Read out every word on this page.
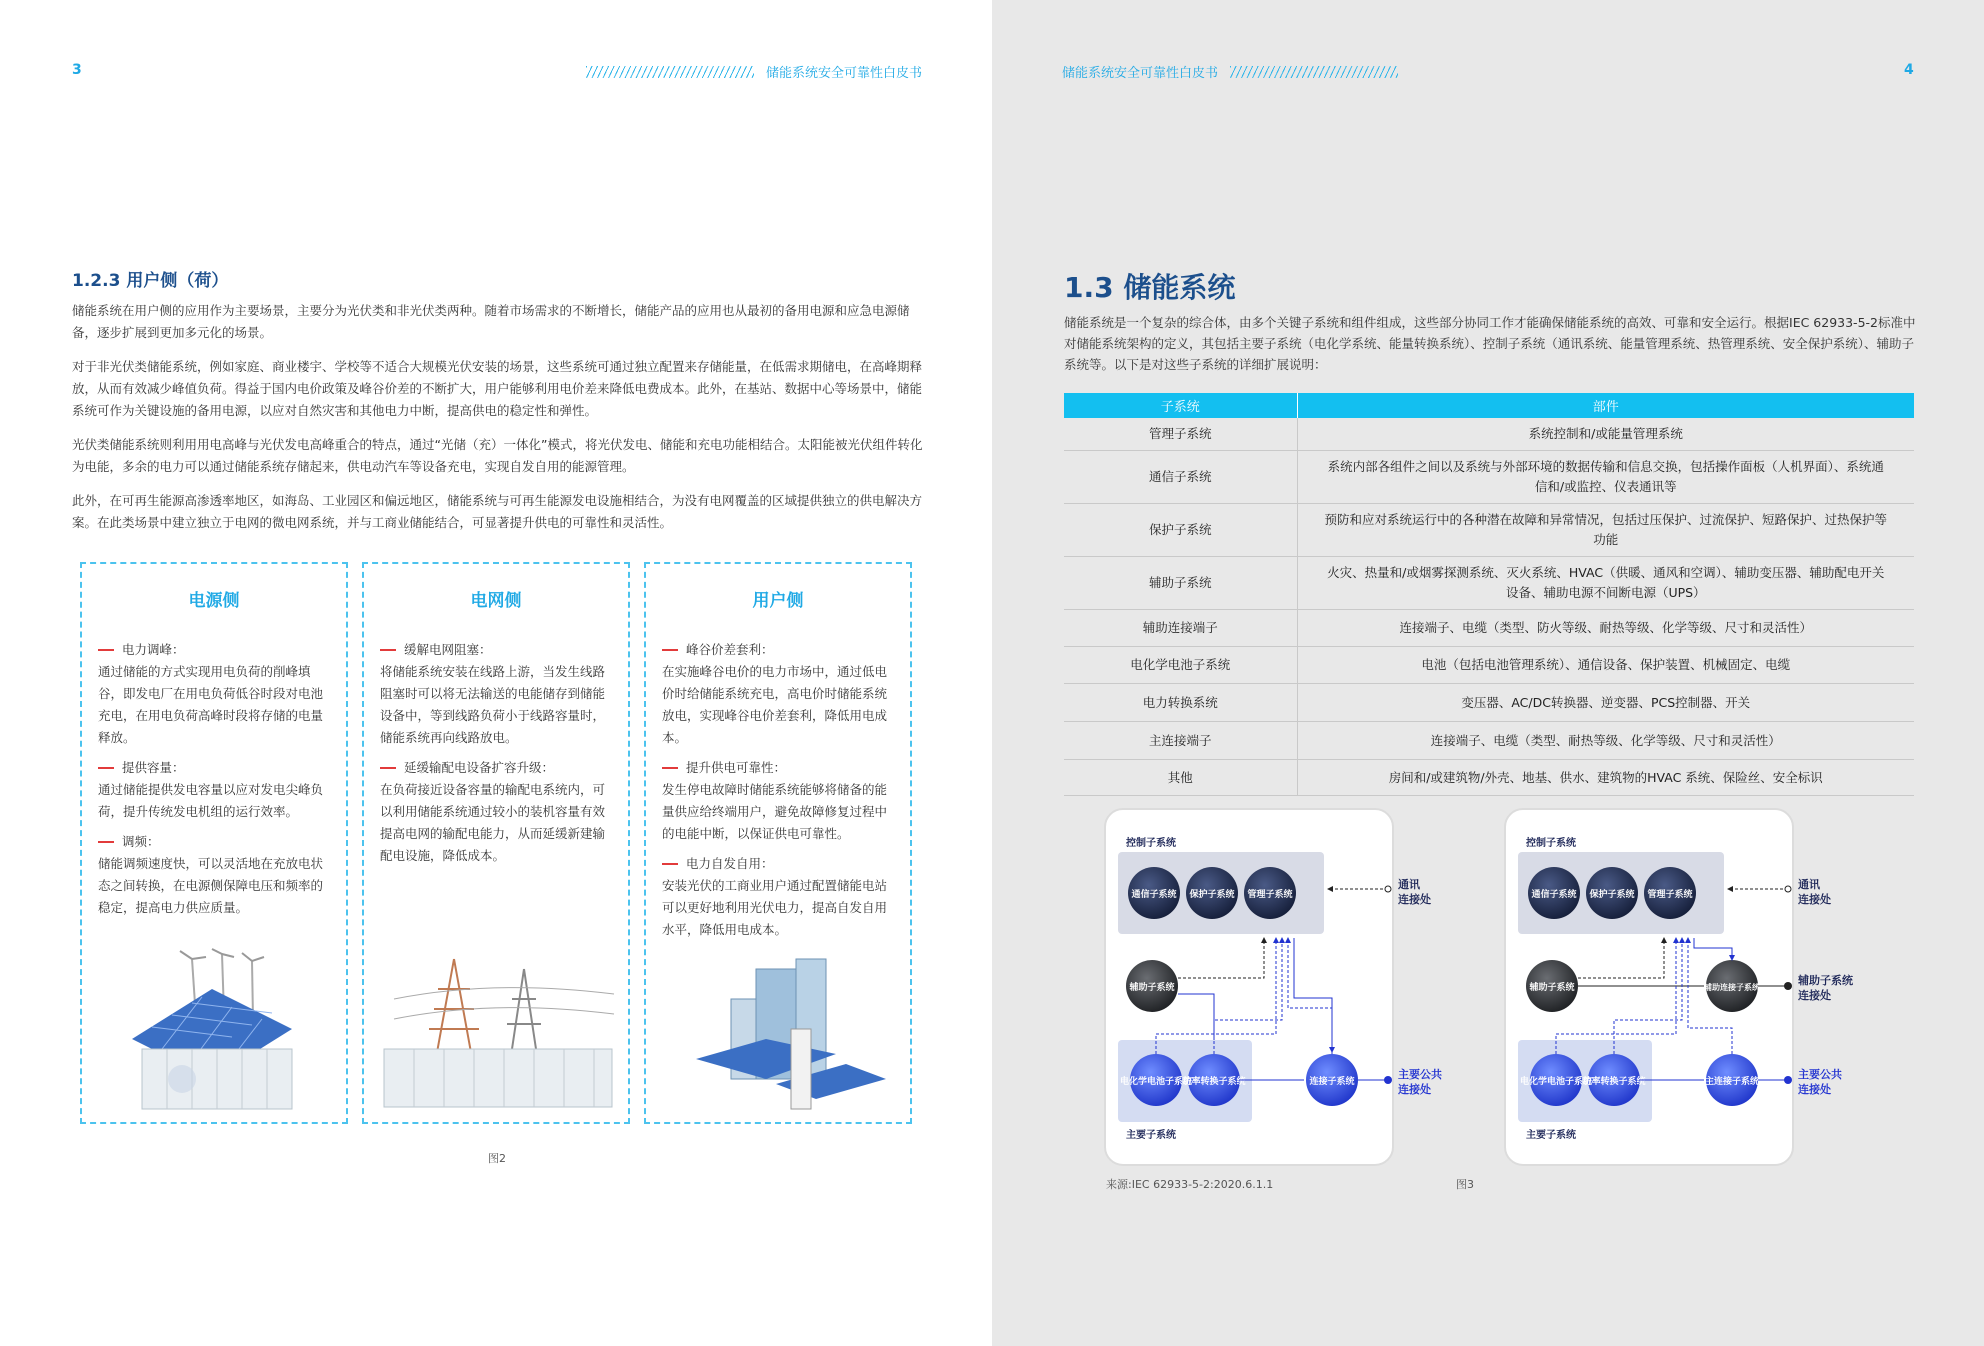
3	储能系统安全可靠性白皮书
1.2.3 用户侧（荷）

储能系统在用户侧的应用作为主要场景，主要分为光伏类和非光伏类两种。随着市场需求的不断增长，储能产品的应用也从最初的备用电源和应急电源储备，逐步扩展到更加多元化的场景。

对于非光伏类储能系统，例如家庭、商业楼宇、学校等不适合大规模光伏安装的场景，这些系统可通过独立配置来存储能量，在低需求期储电，在高峰期释放，从而有效减少峰值负荷。得益于国内电价政策及峰谷价差的不断扩大，用户能够利用电价差来降低电费成本。此外，在基站、数据中心等场景中，储能系统可作为关键设施的备用电源，以应对自然灾害和其他电力中断，提高供电的稳定性和弹性。

光伏类储能系统则利用用电高峰与光伏发电高峰重合的特点，通过“光储（充）一体化”模式，将光伏发电、储能和充电功能相结合。太阳能被光伏组件转化为电能，多余的电力可以通过储能系统存储起来，供电动汽车等设备充电，实现自发自用的能源管理。

此外，在可再生能源高渗透率地区，如海岛、工业园区和偏远地区，储能系统与可再生能源发电设施相结合，为没有电网覆盖的区域提供独立的供电解决方案。在此类场景中建立独立于电网的微电网系统，并与工商业储能结合，可显著提升供电的可靠性和灵活性。

电源侧
电力调峰：
通过储能的方式实现用电负荷的削峰填谷，即发电厂在用电负荷低谷时段对电池充电，在用电负荷高峰时段将存储的电量释放。
提供容量：
通过储能提供发电容量以应对发电尖峰负荷，提升传统发电机组的运行效率。
调频：
储能调频速度快，可以灵活地在充放电状态之间转换，在电源侧保障电压和频率的稳定，提高电力供应质量。
电网侧
缓解电网阻塞：
将储能系统安装在线路上游，当发生线路阻塞时可以将无法输送的电能储存到储能设备中，等到线路负荷小于线路容量时，储能系统再向线路放电。
延缓输配电设备扩容升级：
在负荷接近设备容量的输配电系统内，可以利用储能系统通过较小的装机容量有效提高电网的输配电能力，从而延缓新建输配电设施，降低成本。
用户侧
峰谷价差套利：
在实施峰谷电价的电力市场中，通过低电价时给储能系统充电，高电价时储能系统放电，实现峰谷电价差套利，降低用电成本。
提升供电可靠性：
发生停电故障时储能系统能够将储备的能量供应给终端用户，避免故障修复过程中的电能中断，以保证供电可靠性。
电力自发自用：
安装光伏的工商业用户通过配置储能电站可以更好地利用光伏电力，提高自发自用水平，降低用电成本。
图2
储能系统安全可靠性白皮书	4
1.3 储能系统

储能系统是一个复杂的综合体，由多个关键子系统和组件组成，这些部分协同工作才能确保储能系统的高效、可靠和安全运行。根据IEC 62933-5-2标准中对储能系统架构的定义，其包括主要子系统（电化学系统、能量转换系统）、控制子系统（通讯系统、能量管理系统、热管理系统、安全保护系统）、辅助子系统等。以下是对这些子系统的详细扩展说明：

子系统	部件
管理子系统	系统控制和/或能量管理系统
通信子系统	系统内部各组件之间以及系统与外部环境的数据传输和信息交换，包括操作面板（人机界面）、系统通信和/或监控、仪表通讯等
保护子系统	预防和应对系统运行中的各种潜在故障和异常情况，包括过压保护、过流保护、短路保护、过热保护等功能
辅助子系统	火灾、热量和/或烟雾探测系统、灭火系统、HVAC（供暖、通风和空调）、辅助变压器、辅助配电开关设备、辅助电源不间断电源（UPS）
辅助连接端子	连接端子、电缆（类型、防火等级、耐热等级、化学等级、尺寸和灵活性）
电化学电池子系统	电池（包括电池管理系统）、通信设备、保护装置、机械固定、电缆
电力转换系统	变压器、AC/DC转换器、逆变器、PCS控制器、开关
主连接端子	连接端子、电缆（类型、耐热等级、化学等级、尺寸和灵活性）
其他	房间和/或建筑物/外壳、地基、供水、建筑物的HVAC 系统、保险丝、安全标识
控制子系统
通信子系统 保护子系统 管理子系统
通讯
连接处
辅助子系统
主要子系统
电化学电池子系统
功率转换子系统	连接子系统
主要公共
连接处
控制子系统
通信子系统 保护子系统 管理子系统
通讯
连接处
辅助子系统	辅助连接子系统
辅助子系统
连接处
主要子系统
电化学电池子系统
功率转换子系统	主连接子系统
主要公共
连接处
来源:IEC 62933-5-2:2020.6.1.1	图3
